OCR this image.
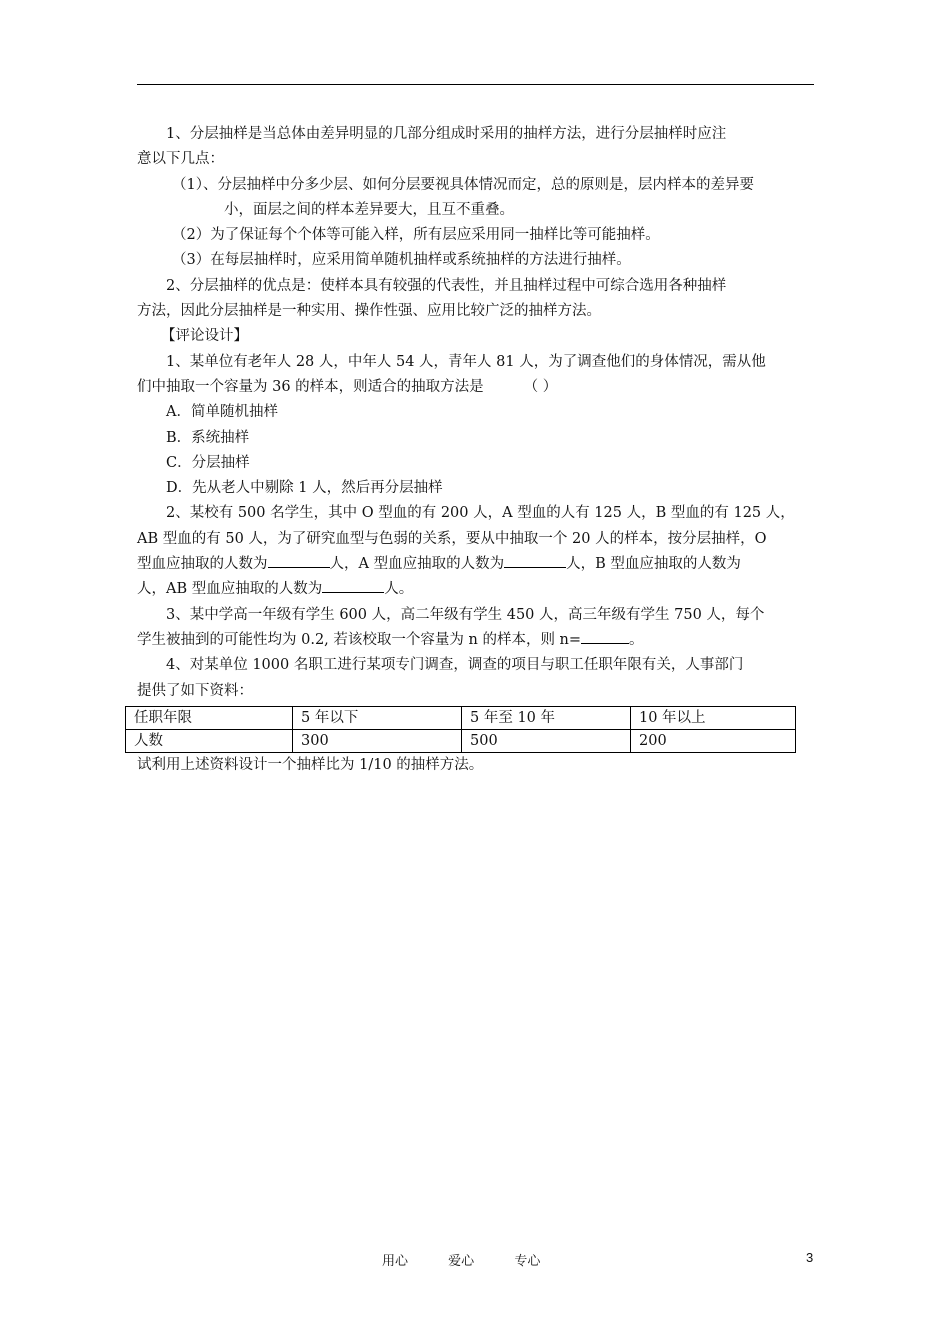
1、分层抽样是当总体由差异明显的几部分组成时采用的抽样方法，进行分层抽样时应注

意以下几点：

（1）、分层抽样中分多少层、如何分层要视具体情况而定，总的原则是，层内样本的差异要

小，面层之间的样本差异要大，且互不重叠。

（2）为了保证每个个体等可能入样，所有层应采用同一抽样比等可能抽样。

（3）在每层抽样时，应采用简单随机抽样或系统抽样的方法进行抽样。

2、分层抽样的优点是：使样本具有较强的代表性，并且抽样过程中可综合选用各种抽样

方法，因此分层抽样是一种实用、操作性强、应用比较广泛的抽样方法。

【评论设计】

1、某单位有老年人 28 人，中年人 54 人，青年人 81 人，为了调查他们的身体情况，需从他

们中抽取一个容量为 36 的样本，则适合的抽取方法是	（ ）

A．简单随机抽样

B．系统抽样

C．分层抽样

D．先从老人中剔除 1 人，然后再分层抽样

2、某校有 500 名学生，其中 O 型血的有 200 人，A 型血的人有 125 人，B 型血的有 125 人，

AB 型血的有 50 人，为了研究血型与色弱的关系，要从中抽取一个 20 人的样本，按分层抽样，O

型血应抽取的人数为	人，A 型血应抽取的人数为	人，B 型血应抽取的人数为

人，AB 型血应抽取的人数为	人。

3、某中学高一年级有学生 600 人，高二年级有学生 450 人，高三年级有学生 750 人，每个

学生被抽到的可能性均为 0.2, 若该校取一个容量为 n 的样本，则 n=	。

4、对某单位 1000 名职工进行某项专门调查，调查的项目与职工任职年限有关，人事部门

提供了如下资料：

任职年限	5 年以下	5 年至 10 年	10 年以上
人数	300	500	200

试利用上述资料设计一个抽样比为 1/10 的抽样方法。

用心	爱心	专心	3
